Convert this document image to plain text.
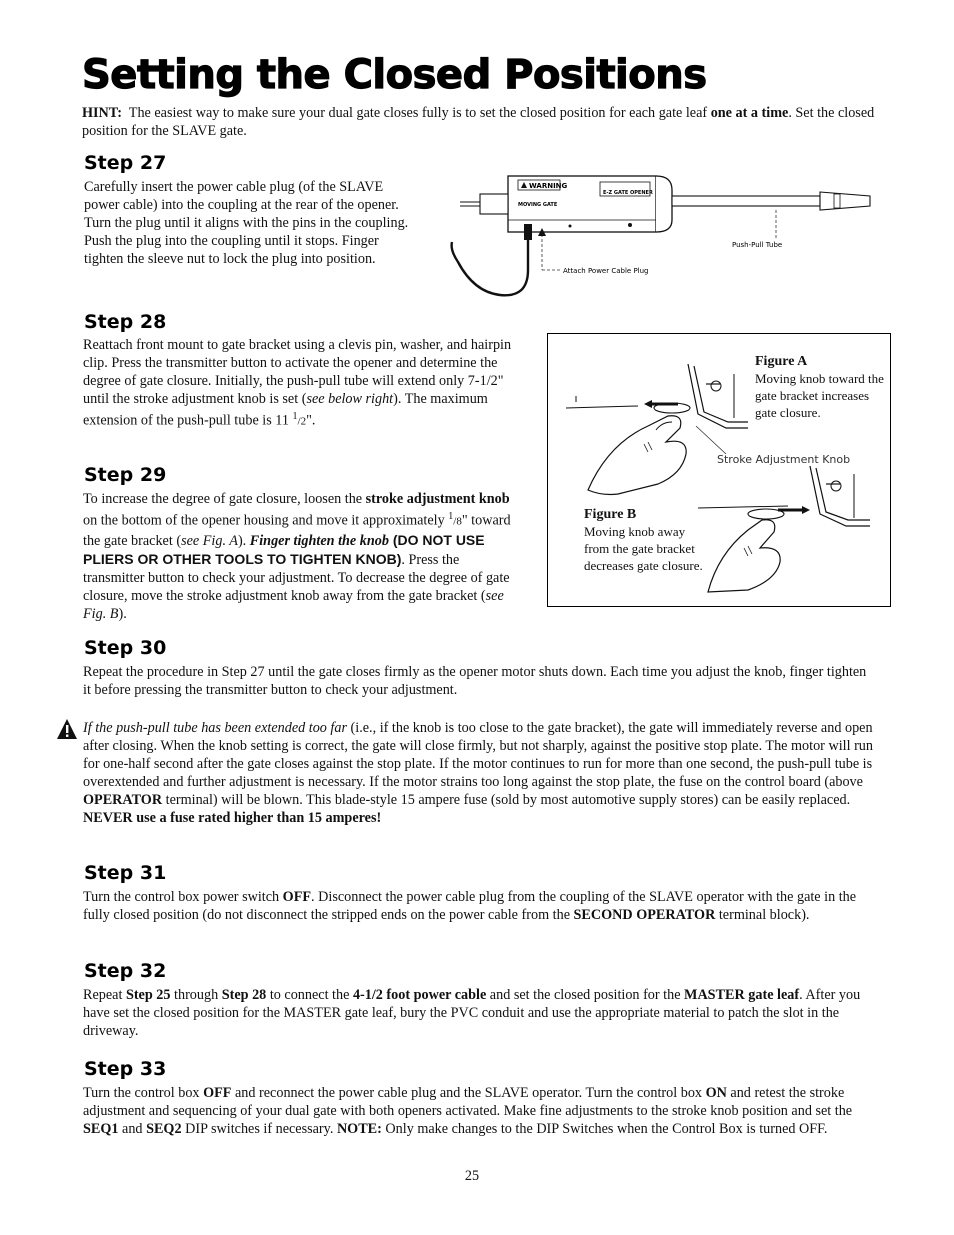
Setting the Closed Positions

HINT: The easiest way to make sure your dual gate closes fully is to set the closed position for each gate leaf one at a time. Set the closed position for the SLAVE gate.

Step 27

Carefully insert the power cable plug (of the SLAVE power cable) into the coupling at the rear of the opener. Turn the plug until it aligns with the pins in the coupling. Push the plug into the coupling until it stops. Finger tighten the sleeve nut to lock the plug into position.

WARNING
MOVING GATE
E-Z GATE OPENER
Attach Power Cable Plug
Push-Pull Tube
Step 28

Reattach front mount to gate bracket using a clevis pin, washer, and hairpin clip. Press the transmitter button to activate the opener and determine the degree of gate closure. Initially, the push-pull tube will extend only 7-1/2" until the stroke adjustment knob is set (see below right). The maximum extension of the push-pull tube is 11 $^1$/2".

Step 29

To increase the degree of gate closure, loosen the stroke adjustment knob on the bottom of the opener housing and move it approximately $^1$/8" toward the gate bracket (see Fig. A). Finger tighten the knob (DO NOT USE PLIERS OR OTHER TOOLS TO TIGHTEN KNOB). Press the transmitter button to check your adjustment. To decrease the degree of gate closure, move the stroke adjustment knob away from the gate bracket (see Fig. B).

Figure A

Moving knob toward the gate bracket increases gate closure.

Stroke Adjustment Knob

Figure B

Moving knob away from the gate bracket decreases gate closure.

Step 30

Repeat the procedure in Step 27 until the gate closes firmly as the opener motor shuts down. Each time you adjust the knob, finger tighten it before pressing the transmitter button to check your adjustment.

If the push-pull tube has been extended too far (i.e., if the knob is too close to the gate bracket), the gate will immediately reverse and open after closing. When the knob setting is correct, the gate will close firmly, but not sharply, against the positive stop plate. The motor will run for one-half second after the gate closes against the stop plate. If the motor continues to run for more than one second, the push-pull tube is overextended and further adjustment is necessary. If the motor strains too long against the stop plate, the fuse on the control board (above OPERATOR terminal) will be blown. This blade-style 15 ampere fuse (sold by most automotive supply stores) can be easily replaced. NEVER use a fuse rated higher than 15 amperes!

Step 31

Turn the control box power switch OFF. Disconnect the power cable plug from the coupling of the SLAVE operator with the gate in the fully closed position (do not disconnect the stripped ends on the power cable from the SECOND OPERATOR terminal block).

Step 32

Repeat Step 25 through Step 28 to connect the 4-1/2 foot power cable and set the closed position for the MASTER gate leaf. After you have set the closed position for the MASTER gate leaf, bury the PVC conduit and use the appropriate material to patch the slot in the driveway.

Step 33

Turn the control box OFF and reconnect the power cable plug and the SLAVE operator. Turn the control box ON and retest the stroke adjustment and sequencing of your dual gate with both openers activated. Make fine adjustments to the stroke knob position and set the SEQ1 and SEQ2 DIP switches if necessary. NOTE: Only make changes to the DIP Switches when the Control Box is turned OFF.

25
